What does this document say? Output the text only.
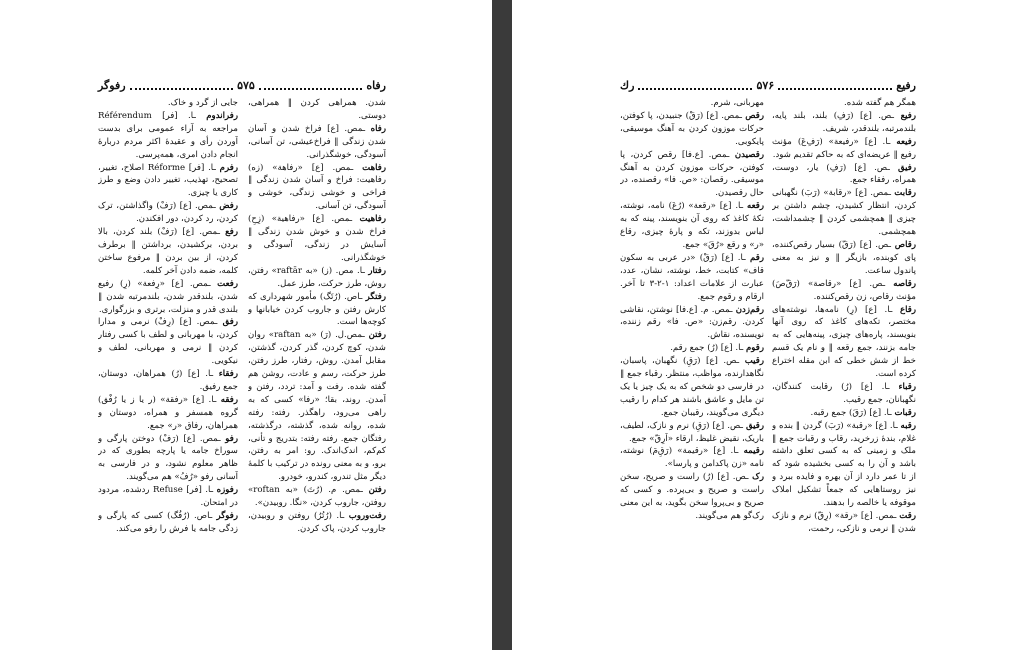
رفاه
۵۷۵
رفوگر

شدن. همراهی کردن ‖ همراهی، دوستی.

رفاه ـمص. [ع] فراخ شدن و آسان شدن زندگی ‖ فراخ‌عیشی، تن آسانی، آسودگی، خوشگذرانی.

رفاهت ـمص. [ع] «رفاهة» (زه) رفاهیت: فراخ و آسان شدن زندگی ‖ فراخی و خوشی زندگی، خوشی و آسودگی، تن آسانی.

رفاهیت ـمص. [ع] «رفاهیة» (زِحِ) فراخ شدن و خوش شدن زندگی ‖ آسایش در زندگی، آسودگی و خوشگذرانی.

رفتار ـا. مص. (ز) «به raftār» رفتن، روش، طرز حرکت، طرز عمل.

رفتگر ـاص. (رُتَگ) مأمور شهرداری که کارش رفتن و جاروب کردن خیابانها و کوچه‌ها است.

رفتن ـمص.ل. (رَ) «به raftan» روان شدن، کوچ کردن، گذر کردن، گذشتن، مقابل آمدن. روش، رفتار، طرز رفتن، طرز حرکت، رسم و عادت، روشن هم گفته شده. رفت و آمد: تردد، رفتن و آمدن. روند، بقا؛ «رفا» کسی که به راهی می‌رود، راهگذر. رفته: رفته شده، روانه شده، گذشته، درگذشته، رفتگان جمع. رفته رفته: بتدریج و تأنی، کم‌کم، اندک‌اندک. رو: امر به رفتن، برو، و به معنی رونده در ترکیب با کلمهٔ دیگر مثل تندرو، کندرو، خودرو.

رفتن ـمص. م. (رُتَ) «به roftan» روفتن، جاروب کردن، «نگا. روبیدن».

رفت‌وروب ـا. (رُتُرُ) روفتن و روبیدن، جاروب کردن، پاک کردن.

جایی از گرد و خاک.

رفراندوم ـا. [فر] Référendum مراجعه به آراء عمومی برای بدست آوردن رأی و عقیدهٔ اکثر مردم دربارهٔ انجام دادن امری، همه‌پرسی.

رفرم ـا. [فر] Réforme اصلاح، تغییر، تصحیح، تهذیب، تغییر دادن وضع و طرز کاری یا چیزی.

رفض ـمص. [ع] (رَفْ) واگذاشتن، ترک کردن، رد کردن، دور افکندن.

رفع ـمص. [ع] (رَفْ) بلند کردن، بالا بردن، برکشیدن، برداشتن ‖ برطرف کردن، از بین بردن ‖ مرفوع ساختن کلمه، ضمه دادن آخر کلمه.

رفعت ـمص. [ع] «رِفعة» (رِ) رفیع شدن، بلندقدر شدن، بلندمرتبه شدن ‖ بلندی قدر و منزلت، برتری و بزرگواری.

رفق ـمص. [ع] (رِفْ) نرمی و مدارا کردن، با مهربانی و لطف با کسی رفتار کردن ‖ نرمی و مهربانی، لطف و نیکویی.

رفقاء ـا. [ع] (رُ) همراهان، دوستان، جمع رفیق.

رفقه ـا. [ع] «رفقة» (ر یا ز یا رُفْق) گروه همسفر و همراه، دوستان و همراهان، رفاق «ر» جمع.

رفو ـمص. [ع] (رَفْ) دوختن پارگی و سوراخ جامه یا پارچه بطوری که در ظاهر معلوم نشود، و در فارسی به آسانی رفو «رُفُ» هم می‌گویند.

رفوزه ـا. [فر] Refuse ردشده، مردود در امتحان.

رفوگر ـاص. (رُفُگ) کسی که پارگی و زدگی جامه یا فرش را رفو می‌کند.

رفیع
۵۷۶
رك

همگر هم گفته شده.

رفیع ـص. [ع] (رَفِ) بلند، بلند پایه، بلندمرتبه، بلندقدر، شریف.

رفیعه ـا. [ع] «رفیعة» (رَفِ‌عَ) مؤنث رفیع ‖ عریضه‌ای که به حاکم تقدیم شود.

رفیق ـص. [ع] (رَفِ) یار، دوست، همراه، رفقاء جمع.

رقابت ـمص. [ع] «رقابة» (رَبَ) نگهبانی کردن، انتظار کشیدن، چشم داشتن بر چیزی ‖ همچشمی کردن ‖ چشمداشت، همچشمی.

رقاص ـص. [ع] (رَقّ) بسیار رقص‌کننده، پای کوبنده، بازیگر ‖ و نیز به معنی پاندول ساعت.

رقاصه ـص. [ع] «رقاصة» (رَقّ‌صَ) مؤنث رقاص، زن رقص‌کننده.

رقاع ـا. [ع] (رِ) نامه‌ها، نوشته‌های مختصر، تکه‌های کاغذ که روی آنها بنویسند، پاره‌های چیزی، پینه‌هایی که به جامه بزنند، جمع رقعه ‖ و نام یک قسم خط از شش خطی که ابن مقله اختراع کرده است.

رقباء ـا. [ع] (رُ) رقابت کنندگان، نگهبانان، جمع رقیب.

رقبات ـا. [ع] (رَقَ) جمع رقبه.

رقبه ـا. [ع] «رقبة» (رَبَ) گردن ‖ بنده و غلام، بندهٔ زرخرید، رقاب و رقبات جمع ‖ ملک و زمینی که به کسی تعلق داشته باشد و آن را به کسی بخشیده شود که از تا عمر دارد از آن بهره و فایده ببرد و نیز روستاهایی که جمعاً تشکیل املاک موقوفه یا خالصه را بدهند.

رقت ـمص. [ع] «رقة» (رِقّ) نرم و نازک شدن ‖ نرمی و نازکی، رحمت،

مهربانی، شرم.

رقص ـمص. [ع] (رَقْ) جنبیدن، پا کوفتن، حرکات موزون کردن به آهنگ موسیقی، پایکوبی.

رقصیدن ـمص. [ع.فا] رقص کردن، پا کوفتن، حرکات موزون کردن به آهنگ موسیقی. رقصان: «ص. فا» رقصنده، در حال رقصیدن.

رقعه ـا. [ع] «رقعة» (رُعَ) نامه، نوشته، تکهٔ کاغذ که روی آن بنویسند، پینه که به لباس بدوزند، تکه و پارهٔ چیزی، رقاع «ر» و رقع «رُقَ» جمع.

رقم ـا. [ع] (رَقْ) «در عربی به سکون قاف» کتابت، خط، نوشته، نشان، عدد، عبارت از علامات اعداد: ۱-۲-۳ تا آخر. ارقام و رقوم جمع.

رقم‌زدن ـمص. م. [ع.فا] نوشتن، نقاشی کردن. رقم‌زن: «ص. فا» رقم زننده، نویسنده، نقاش.

رقوم ـا. [ع] (رُ) جمع رقم.

رقیب ـص. [ع] (رَقِ) نگهبان، پاسبان، نگاهدارنده، مواظب، منتظر. رقباء جمع ‖ در فارسی دو شخص که به یک چیز یا یک تن مایل و عاشق باشند هر کدام را رقیب دیگری می‌گویند، رقیبان جمع.

رقیق ـص. [ع] (رَقِ) نرم و نازک، لطیف، باریک، نقیض غلیظ، ارقاء «اَرِقّ» جمع.

رقیمه ـا. [ع] «رقیمة» (رَقِ‌مَ) نوشته، نامه «زن پاکدامن و پارسا».

رک ـص. [ع] (رُ) راست و صریح، سخن راست و صریح و بی‌پرده. و کسی که صریح و بی‌پروا سخن بگوید، به این معنی رک‌گو هم می‌گویند.
